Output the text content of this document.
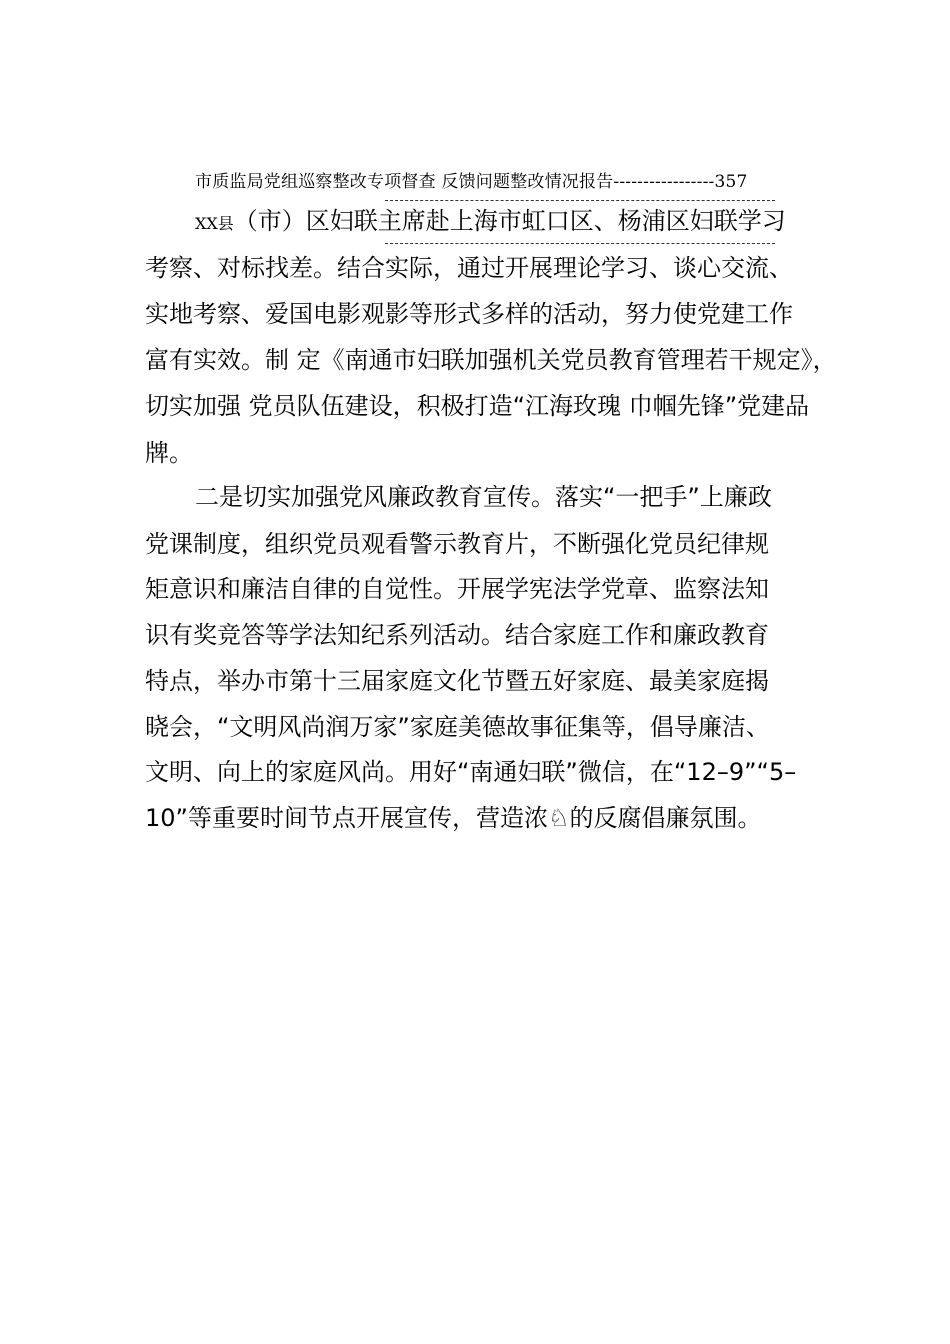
市质监局党组巡察整改专项督查 反馈问题整改情况报告-----------------357
XX县（市）区妇联主席赴上海市虹口区、杨浦区妇联学习
考察、对标找差。结合实际，通过开展理论学习、谈心交流、
实地考察、爱国电影观影等形式多样的活动，努力使党建工作
富有实效。制 定《南通市妇联加强机关党员教育管理若干规定》，
切实加强 党员队伍建设，积极打造“江海玫瑰 巾帼先锋”党建品
牌。
二是切实加强党风廉政教育宣传。落实“一把手”上廉政
党课制度，组织党员观看警示教育片，不断强化党员纪律规
矩意识和廉洁自律的自觉性。开展学宪法学党章、监察法知
识有奖竞答等学法知纪系列活动。结合家庭工作和廉政教育
特点，举办市第十三届家庭文化节暨五好家庭、最美家庭揭
晓会，“文明风尚润万家”家庭美德故事征集等，倡导廉洁、
文明、向上的家庭风尚。用好“南通妇联”微信，在“12–9”“5–
10”等重要时间节点开展宣传，营造浓♘的反腐倡廉氛围。
